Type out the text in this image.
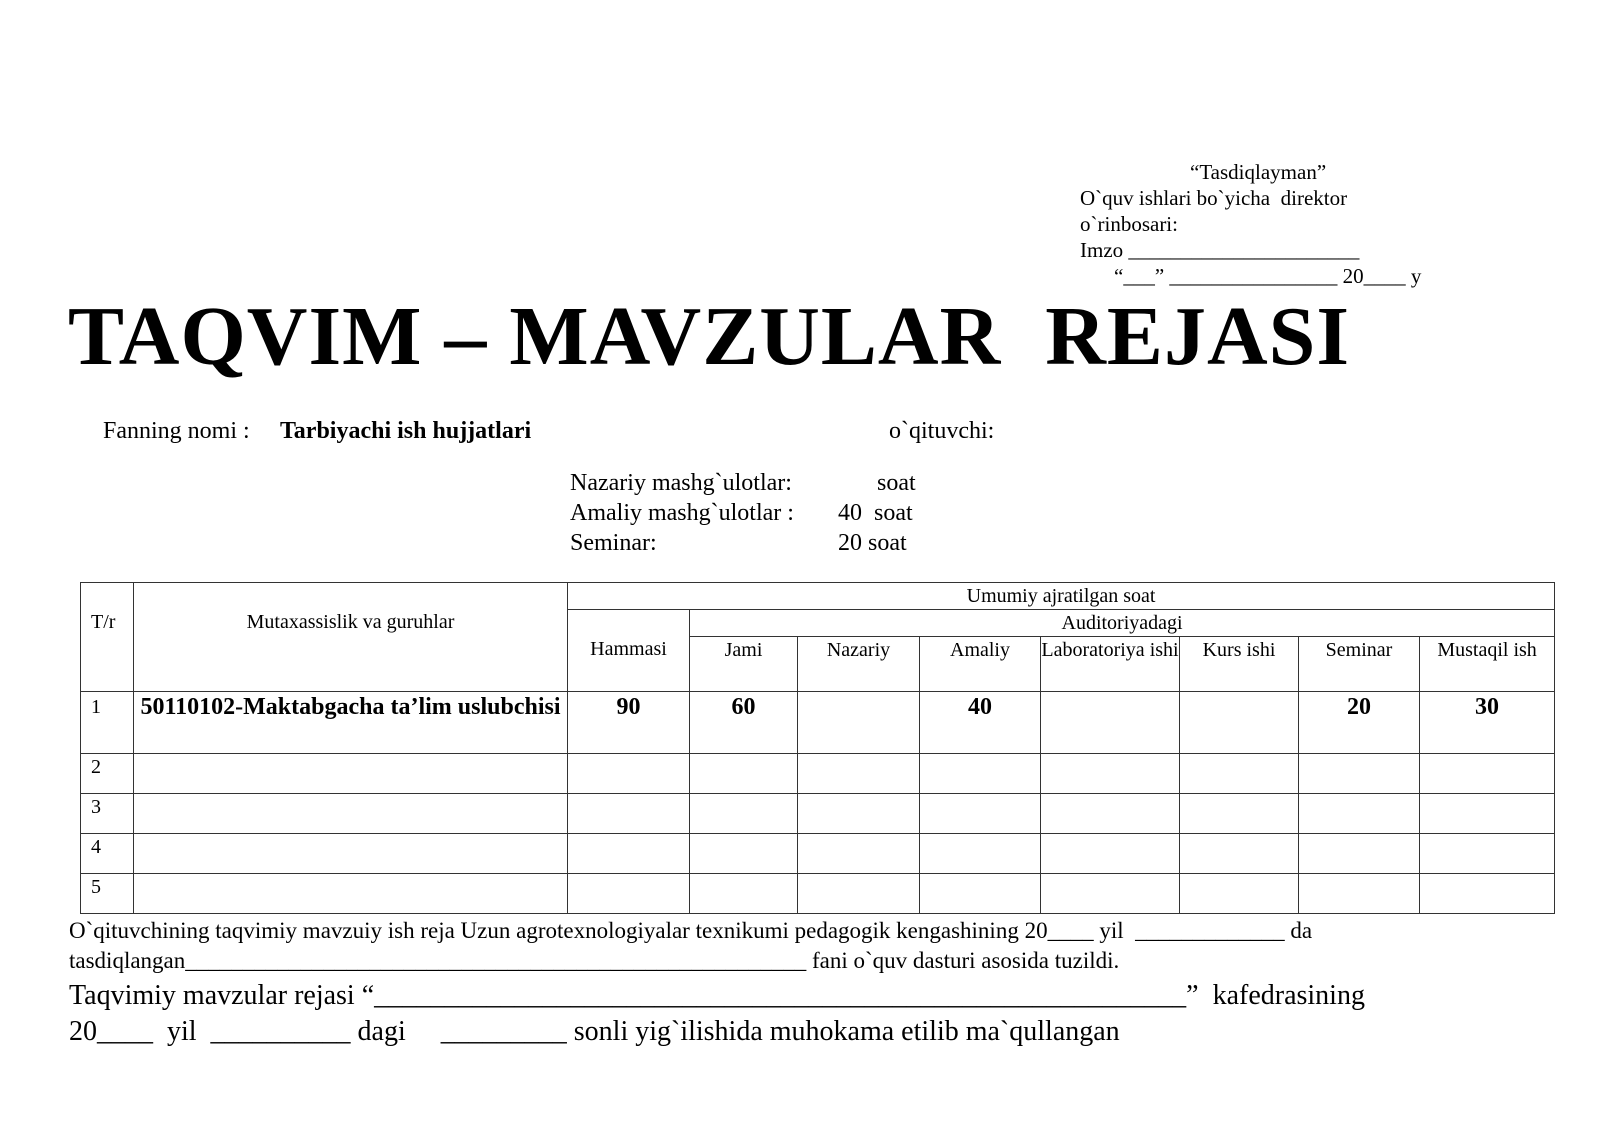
“Tasdiqlayman”
O`quv ishlari bo`yicha  direktor
o`rinbosari:
Imzo ______________________
“___” ________________ 20____ y
TAQVIM – MAVZULAR  REJASI
Fanning nomi : Tarbiyachi ish hujjatlari	o`qituvchi:
Nazariy mashg`ulotlar:	soat
Amaliy mashg`ulotlar : 40  soat
Seminar:	20 soat
T/r	Mutaxassislik va guruhlar	Umumiy ajratilgan soat							
		Hammasi	Auditoriyadagi						
			Jami	Nazariy	Amaliy	Laboratoriya ishi	Kurs ishi	Seminar	Mustaqil ish
1	50110102-Maktabgacha ta’lim uslubchisi	90	60		40			20	30
2									
3									
4									
5									
O`qituvchining taqvimiy mavzuiy ish reja Uzun agrotexnologiyalar texnikumi pedagogik kengashining 20____ yil  _____________ da
tasdiqlangan______________________________________________________ fani o`quv dasturi asosida tuzildi.
Taqvimiy mavzular rejasi “__________________________________________________________”  kafedrasining
20____  yil  __________ dagi     _________ sonli yig`ilishida muhokama etilib ma`qullangan
